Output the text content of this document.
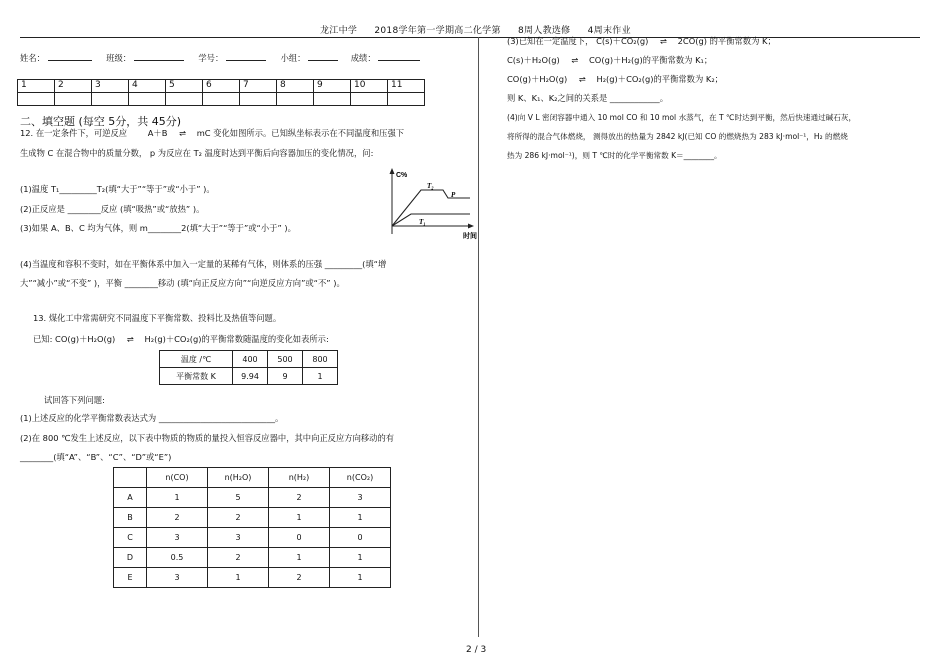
龙江中学 2018学年第一学期高二化学第 8周人教选修 4周末作业
姓名：	班级：	学号：	小组：	成绩：
1	2	3	4	5	6	7	8	9	10	11

二、填空题 (每空 5分，共 45分)
12. 在一定条件下，可逆反应 A＋B ⇌ mC 变化如图所示。已知纵坐标表示在不同温度和压强下
生成物 C 在混合物中的质量分数， p 为反应在 T₂ 温度时达到平衡后向容器加压的变化情况，问:
(1)温度 T₁_________T₂(填“大于”“等于”或“小于” )。
(2)正反应是 ________反应 (填“吸热”或“放热” )。
(3)如果 A、B、C 均为气体，则 m________2(填“大于”“等于”或“小于” )。
(4)当温度和容积不变时，如在平衡体系中加入一定量的某稀有气体，则体系的压强 _________(填“增
大”“减小”或“不变” )，平衡 ________移动 (填“向正反应方向”“向逆反应方向”或“不” )。
C%
T₂
P
T₁
时间
13. 煤化工中常需研究不同温度下平衡常数、投料比及热值等问题。
已知: CO(g)＋H₂O(g) ⇌ H₂(g)＋CO₂(g)的平衡常数随温度的变化如表所示:
温度 /℃	400	500	800
平衡常数 K	9.94	9	1
试回答下列问题:
(1)上述反应的化学平衡常数表达式为 ____________________________。
(2)在 800 ℃发生上述反应，以下表中物质的物质的量投入恒容反应器中，其中向正反应方向移动的有
________(填“A”、“B”、“C”、“D”或“E”)
	n(CO)	n(H₂O)	n(H₂)	n(CO₂)
A	1	5	2	3
B	2	2	1	1
C	3	3	0	0
D	0.5	2	1	1
E	3	1	2	1
(3)已知在一定温度下， C(s)＋CO₂(g) ⇌ 2CO(g) 的平衡常数为 K；
C(s)＋H₂O(g) ⇌ CO(g)＋H₂(g)的平衡常数为 K₁；
CO(g)＋H₂O(g) ⇌ H₂(g)＋CO₂(g)的平衡常数为 K₂；
则 K、K₁、K₂之间的关系是 ____________。
(4)向 V L 密闭容器中通入 10 mol CO 和 10 mol 水蒸气，在 T ℃时达到平衡，然后快速通过碱石灰，
将所得的混合气体燃烧， 测得放出的热量为 2842 kJ(已知 CO 的燃烧热为 283 kJ·mol⁻¹，H₂ 的燃烧
热为 286 kJ·mol⁻¹)，则 T ℃时的化学平衡常数 K＝________。
2 / 3
